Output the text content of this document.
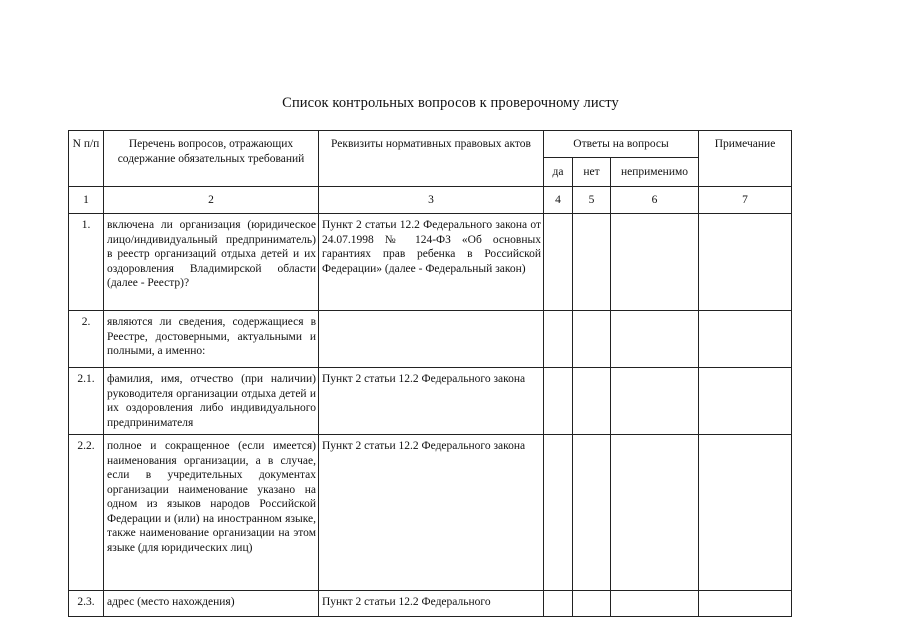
Список контрольных вопросов к проверочному листу
N п/п	Перечень вопросов, отражающих содержание обязательных требований	Реквизиты нормативных правовых актов	Ответы на вопросы			Примечание
			да	нет	неприменимо	
1	2	3	4	5	6	7
1.	включена ли организация (юридическое лицо/индивидуальный предприниматель) в реестр организаций отдыха детей и их оздоровления Владимирской области (далее - Реестр)?	Пункт 2 статьи 12.2 Федерального закона от 24.07.1998 № 124-ФЗ «Об основных гарантиях прав ребенка в Российской Федерации» (далее - Федеральный закон)				
2.	являются ли сведения, содержащиеся в Реестре, достоверными, актуальными и полными, а именно:					
2.1.	фамилия, имя, отчество (при наличии) руководителя организации отдыха детей и их оздоровления либо индивидуального предпринимателя	Пункт 2 статьи 12.2 Федерального закона				
2.2.	полное и сокращенное (если имеется) наименования организации, а в случае, если в учредительных документах организации наименование указано на одном из языков народов Российской Федерации и (или) на иностранном языке, также наименование организации на этом языке (для юридических лиц)	Пункт 2 статьи 12.2 Федерального закона				
2.3.	адрес (место нахождения)	Пункт 2 статьи 12.2 Федерального				
